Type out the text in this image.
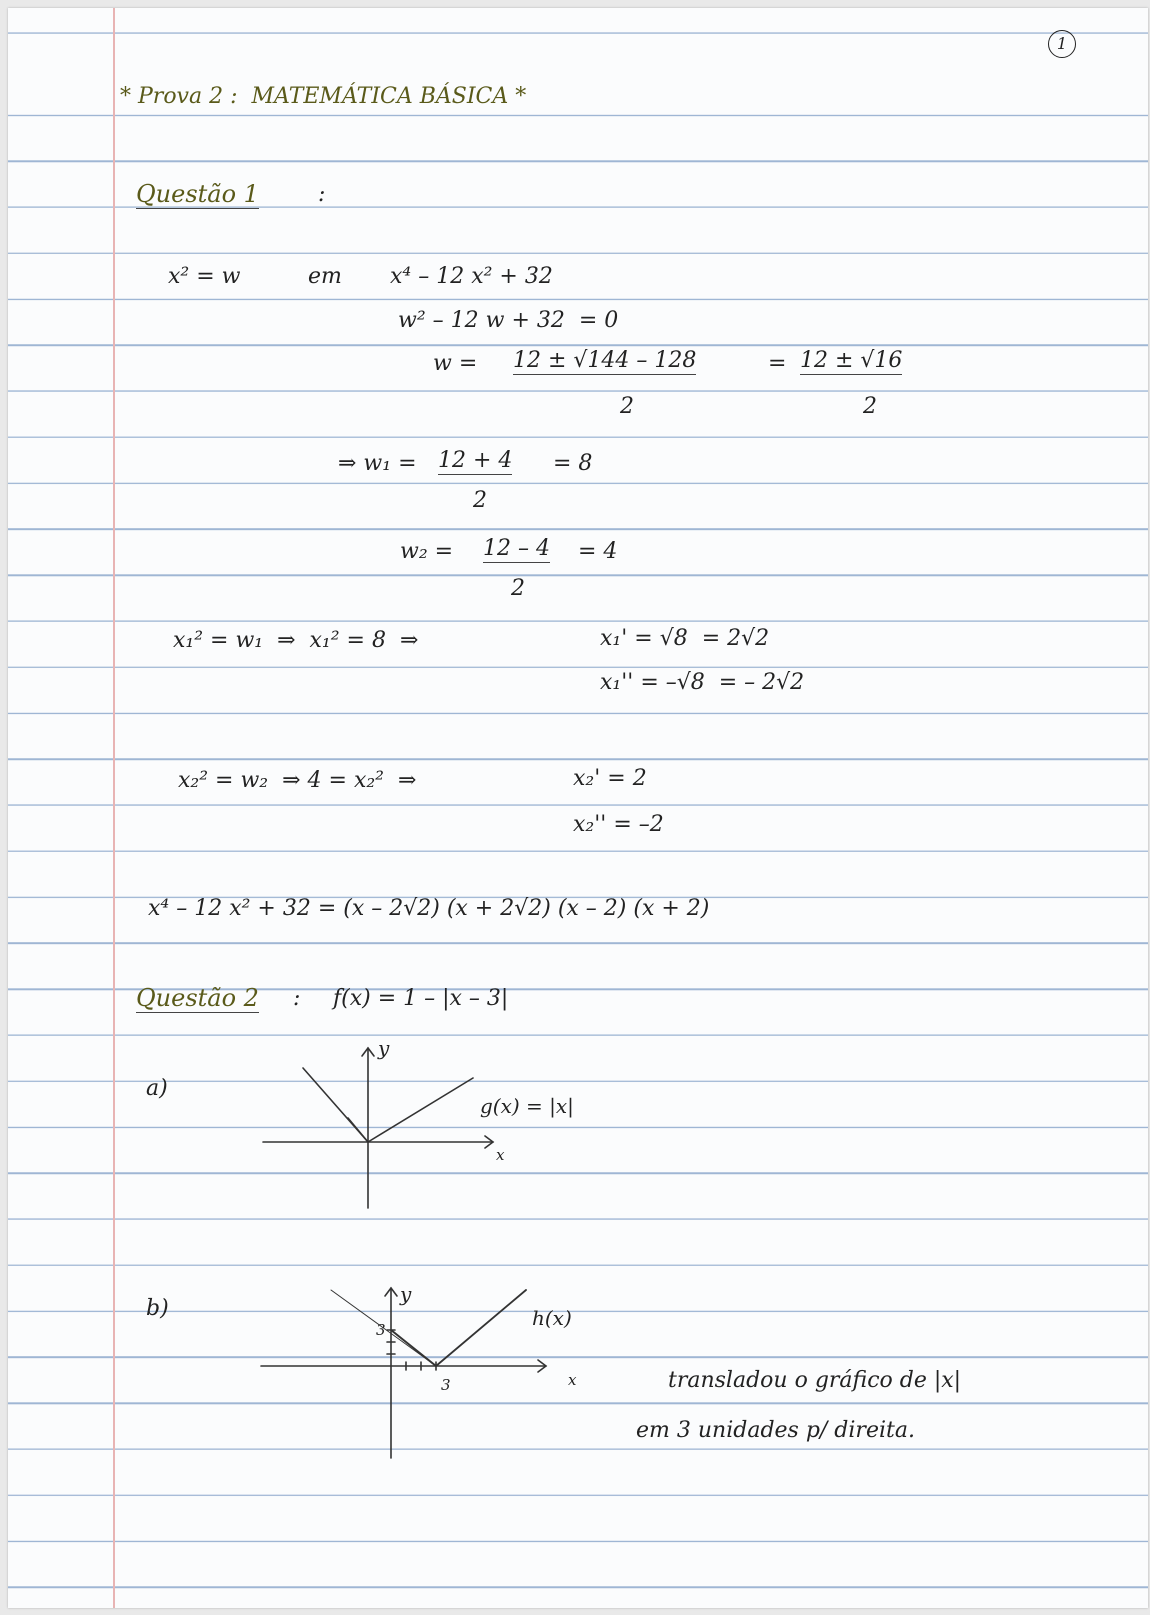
1
* Prova 2 :  MATEMÁTICA BÁSICA *
Questão 1	:
x² = w	em x⁴ – 12 x² + 32
w² – 12 w + 32  = 0
w = 12 ± √144 – 128
2
= 12 ± √16
2
⇒ w₁ = 12 + 4
2
= 8
w₂ = 12 – 4
2
= 4
x₁² = w₁  ⇒  x₁² = 8  ⇒	x₁' = √8  = 2√2
x₁'' = –√8  = – 2√2
x₂² = w₂  ⇒ 4 = x₂²  ⇒	x₂' = 2
x₂'' = –2
x⁴ – 12 x² + 32 = (x – 2√2) (x + 2√2) (x – 2) (x + 2)
Questão 2 : f(x) = 1 – |x – 3|
a)
y
x
g(x) = |x|
b)
y
x
h(x)
3
3	transladou o gráfico de |x|
em 3 unidades p/ direita.
